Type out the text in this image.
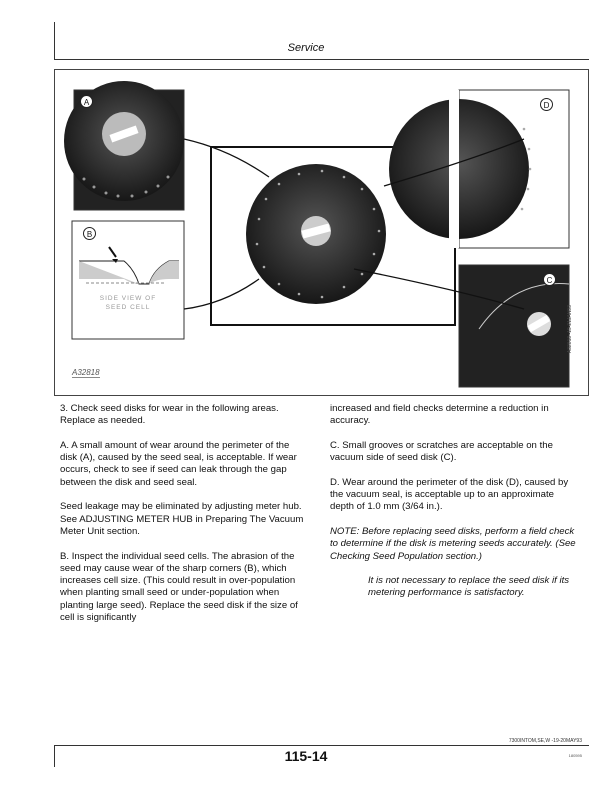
Service
A
B
D
C
SIDE VIEW OF
SEED CELL
A32818
A32818 -19-21JAN93

3. Check seed disks for wear in the following areas. Replace as needed.

A. A small amount of wear around the perimeter of the disk (A), caused by the seed seal, is acceptable. If wear occurs, check to see if seed can leak through the gap between the disk and seed seal.

Seed leakage may be eliminated by adjusting meter hub. See ADJUSTING METER HUB in Preparing The Vacuum Meter Unit section.

B. Inspect the individual seed cells. The abrasion of the seed may cause wear of the sharp corners (B), which increases cell size. (This could result in over-population when planting small seed or under-population when planting large seed). Replace the seed disk if the size of cell is significantly

increased and field checks determine a reduction in accuracy.

C. Small grooves or scratches are acceptable on the vacuum side of seed disk (C).

D. Wear around the perimeter of the disk (D), caused by the vacuum seal, is acceptable up to an approximate depth of 1.0 mm (3/64 in.).

NOTE: Before replacing seed disks, perform a field check to determine if the disk is metering seeds accurately. (See Checking Seed Population section.)

It is not necessary to replace the seed disk if its metering performance is satisfactory.

7300INTOM,SE,W -19-20MAY93
115-14	180595
